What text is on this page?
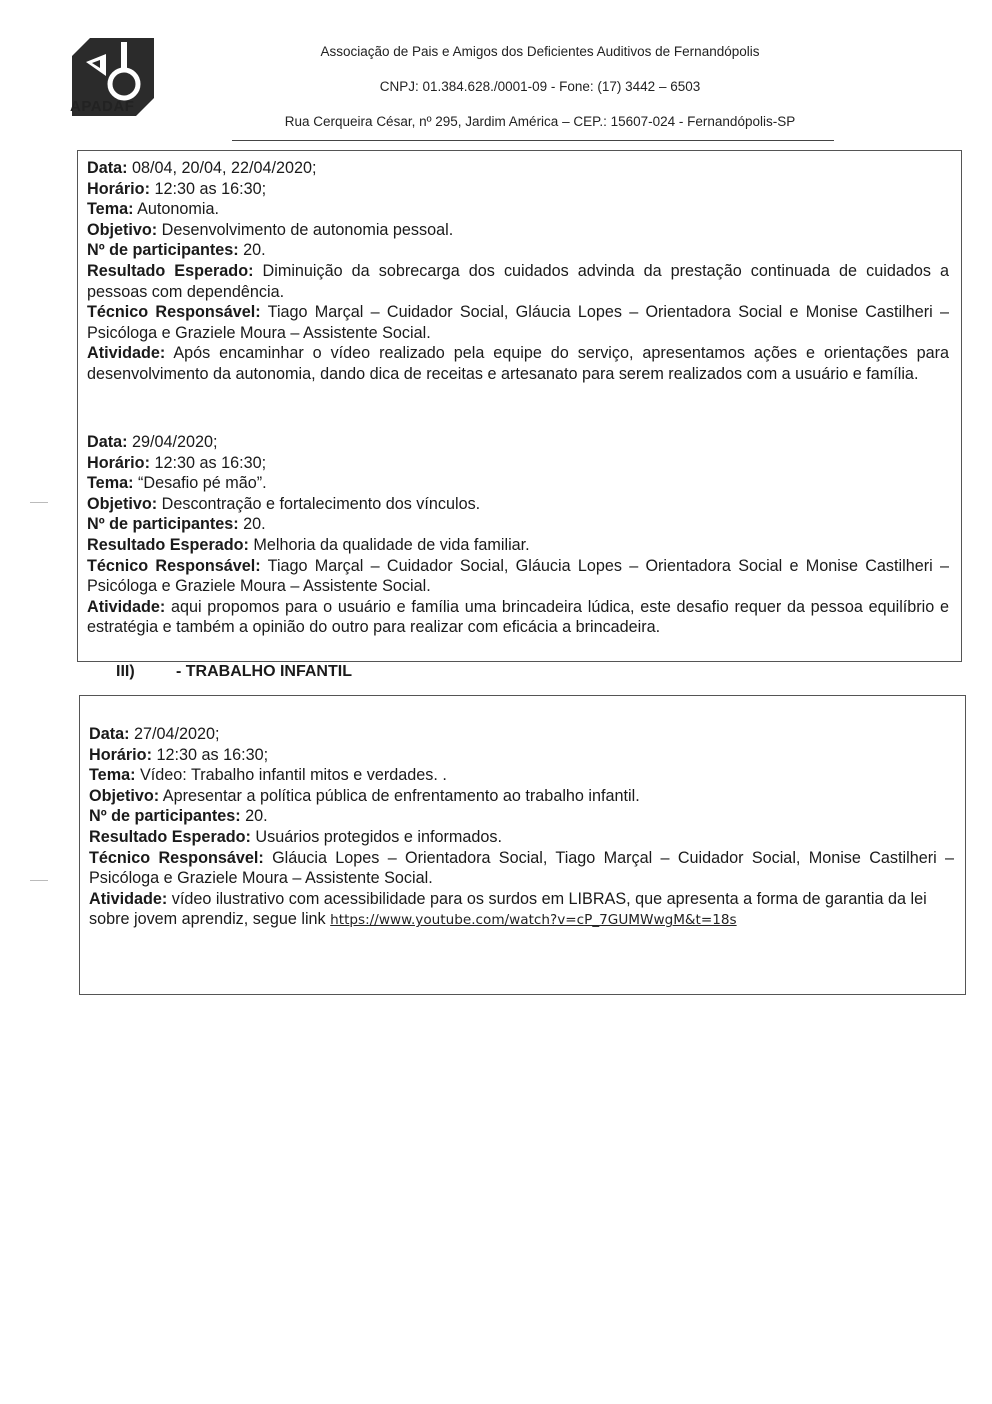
APADAF
Associação de Pais e Amigos dos Deficientes Auditivos de Fernandópolis
CNPJ: 01.384.628./0001-09 - Fone: (17) 3442 – 6503
Rua Cerqueira César, nº 295, Jardim América – CEP.: 15607-024 - Fernandópolis-SP

Data: 08/04, 20/04, 22/04/2020;

Horário: 12:30 as 16:30;

Tema: Autonomia.

Objetivo: Desenvolvimento de autonomia pessoal.

Nº de participantes: 20.

Resultado Esperado: Diminuição da sobrecarga dos cuidados advinda da prestação continuada de cuidados a pessoas com dependência.

Técnico Responsável: Tiago Marçal – Cuidador Social, Gláucia Lopes – Orientadora Social e Monise Castilheri – Psicóloga e Graziele Moura – Assistente Social.

Atividade: Após encaminhar o vídeo realizado pela equipe do serviço, apresentamos ações e orientações para desenvolvimento da autonomia, dando dica de receitas e artesanato para serem realizados com a usuário e família.

Data: 29/04/2020;

Horário: 12:30 as 16:30;

Tema: “Desafio pé mão”.

Objetivo: Descontração e fortalecimento dos vínculos.

Nº de participantes: 20.

Resultado Esperado: Melhoria da qualidade de vida familiar.

Técnico Responsável: Tiago Marçal – Cuidador Social, Gláucia Lopes – Orientadora Social e Monise Castilheri – Psicóloga e Graziele Moura – Assistente Social.

Atividade: aqui propomos para o usuário e família uma brincadeira lúdica, este desafio requer da pessoa equilíbrio e estratégia e também a opinião do outro para realizar com eficácia a brincadeira.

III)	- TRABALHO INFANTIL

Data: 27/04/2020;

Horário: 12:30 as 16:30;

Tema: Vídeo: Trabalho infantil mitos e verdades. .

Objetivo: Apresentar a política pública de enfrentamento ao trabalho infantil.

Nº de participantes: 20.

Resultado Esperado: Usuários protegidos e informados.

Técnico Responsável: Gláucia Lopes – Orientadora Social, Tiago Marçal – Cuidador Social, Monise Castilheri – Psicóloga e Graziele Moura – Assistente Social.

Atividade: vídeo ilustrativo com acessibilidade para os surdos em LIBRAS, que apresenta a forma de garantia da lei sobre jovem aprendiz, segue link https://www.youtube.com/watch?v=cP_7GUMWwgM&t=18s
